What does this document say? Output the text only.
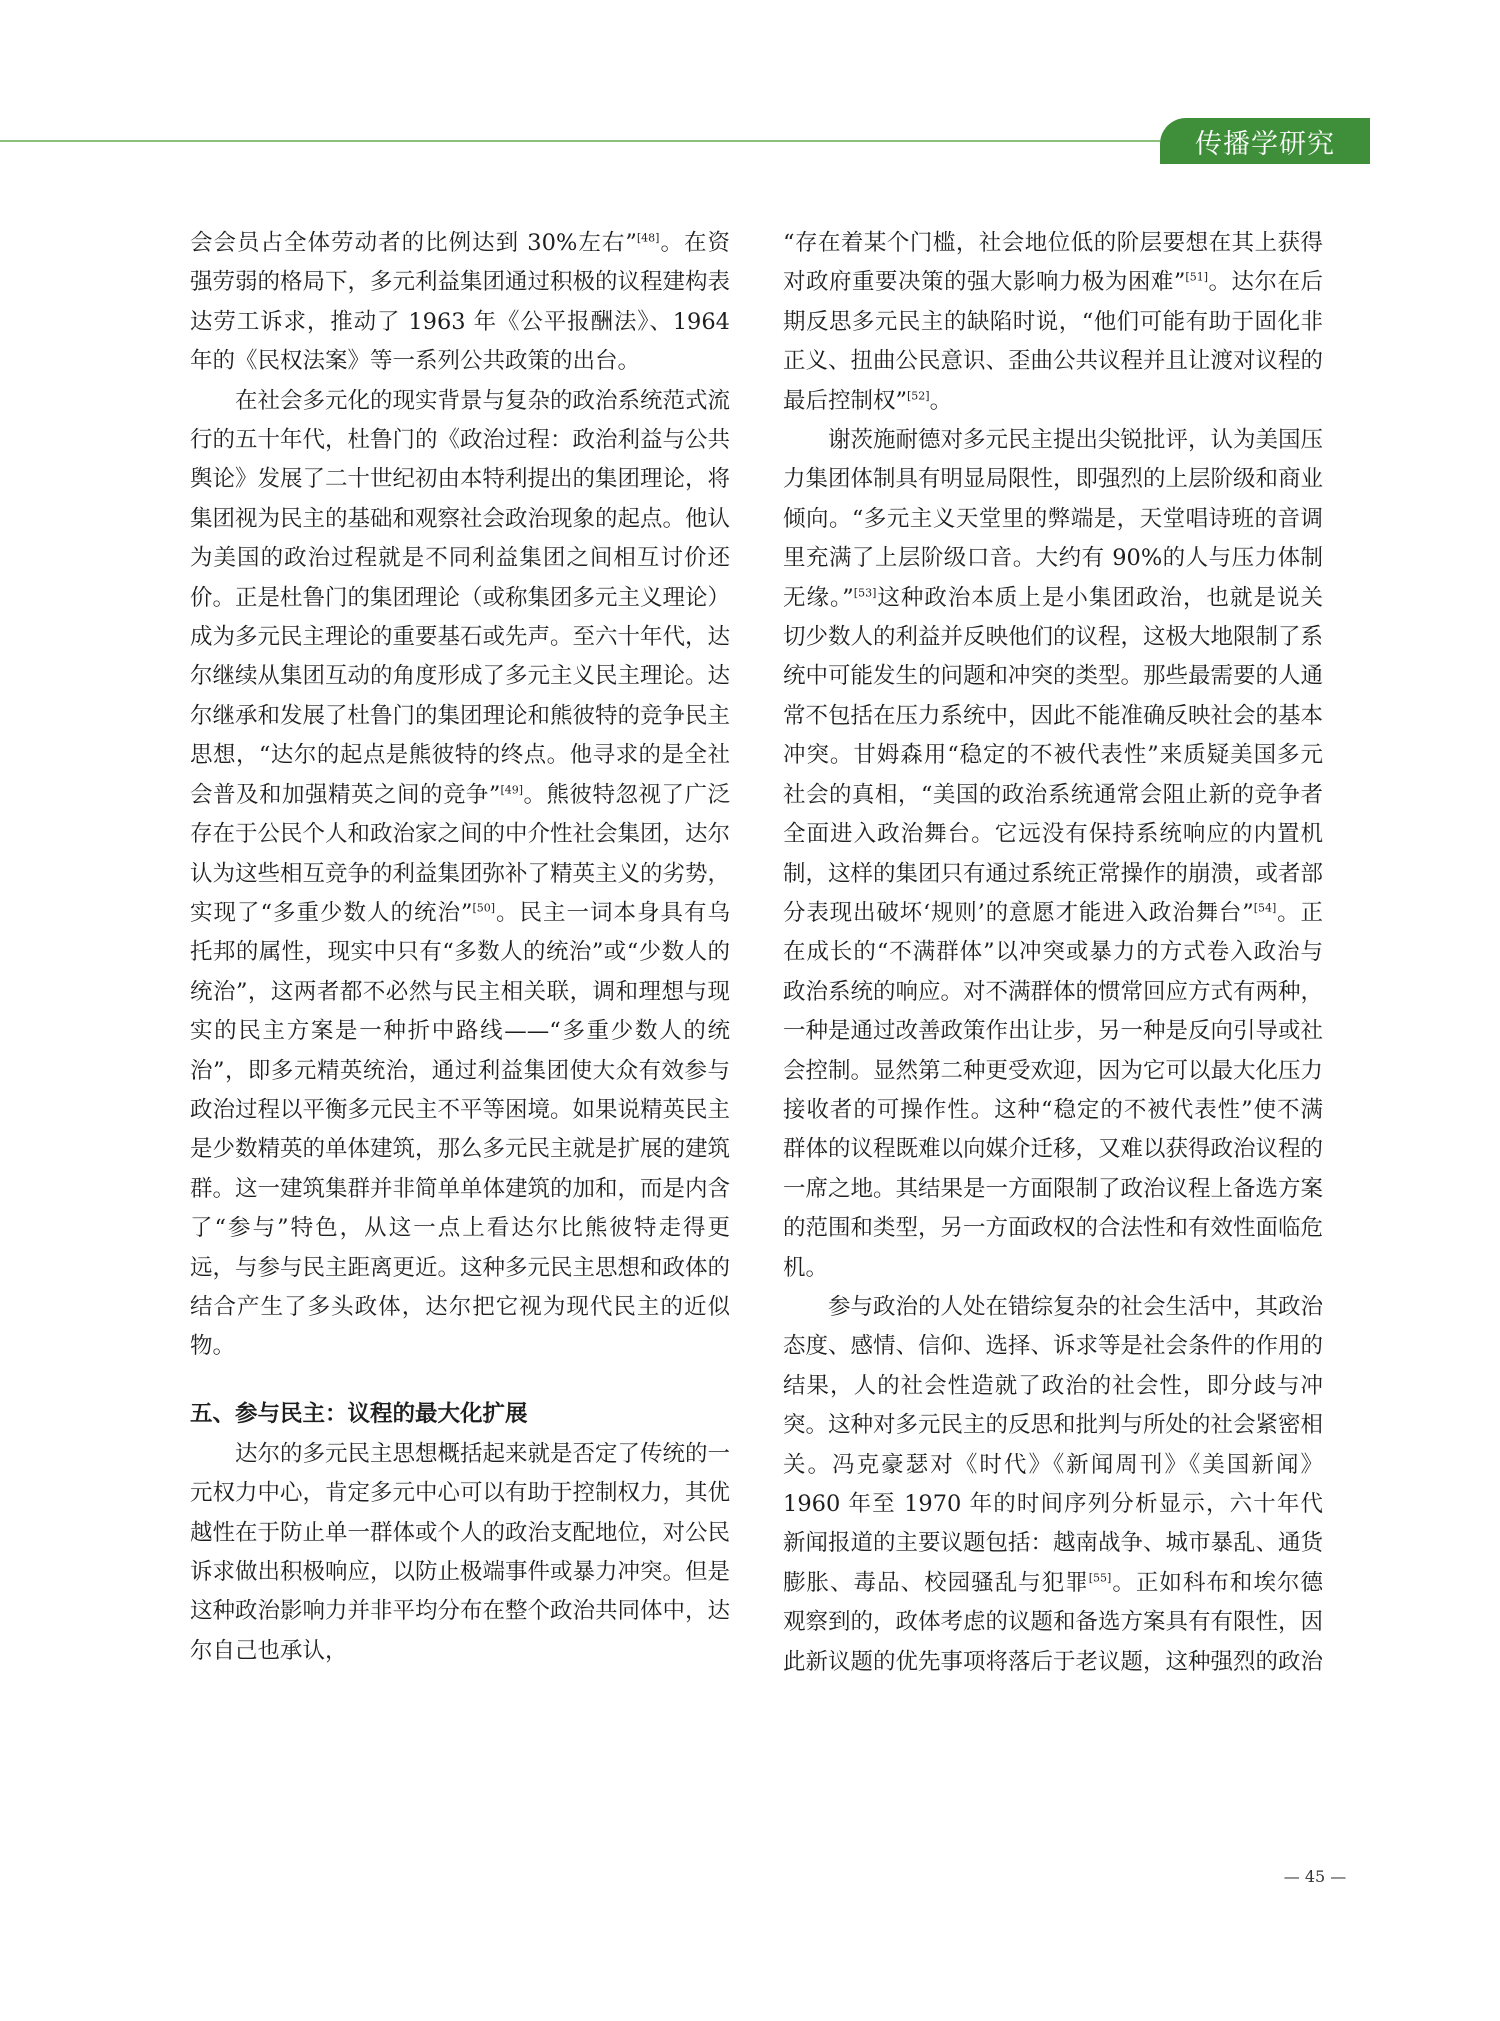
传播学研究

会会员占全体劳动者的比例达到 30%左右”[48]。在资强劳弱的格局下，多元利益集团通过积极的议程建构表达劳工诉求，推动了 1963 年《公平报酬法》、1964 年的《民权法案》等一系列公共政策的出台。

在社会多元化的现实背景与复杂的政治系统范式流行的五十年代，杜鲁门的《政治过程：政治利益与公共舆论》发展了二十世纪初由本特利提出的集团理论，将集团视为民主的基础和观察社会政治现象的起点。他认为美国的政治过程就是不同利益集团之间相互讨价还价。正是杜鲁门的集团理论（或称集团多元主义理论）成为多元民主理论的重要基石或先声。至六十年代，达尔继续从集团互动的角度形成了多元主义民主理论。达尔继承和发展了杜鲁门的集团理论和熊彼特的竞争民主思想，“达尔的起点是熊彼特的终点。他寻求的是全社会普及和加强精英之间的竞争”[49]。熊彼特忽视了广泛存在于公民个人和政治家之间的中介性社会集团，达尔认为这些相互竞争的利益集团弥补了精英主义的劣势，实现了“多重少数人的统治”[50]。民主一词本身具有乌托邦的属性，现实中只有“多数人的统治”或“少数人的统治”，这两者都不必然与民主相关联，调和理想与现实的民主方案是一种折中路线——“多重少数人的统治”，即多元精英统治，通过利益集团使大众有效参与政治过程以平衡多元民主不平等困境。如果说精英民主是少数精英的单体建筑，那么多元民主就是扩展的建筑群。这一建筑集群并非简单单体建筑的加和，而是内含了“参与”特色，从这一点上看达尔比熊彼特走得更远，与参与民主距离更近。这种多元民主思想和政体的结合产生了多头政体，达尔把它视为现代民主的近似物。

五、参与民主：议程的最大化扩展

达尔的多元民主思想概括起来就是否定了传统的一元权力中心，肯定多元中心可以有助于控制权力，其优越性在于防止单一群体或个人的政治支配地位，对公民诉求做出积极响应，以防止极端事件或暴力冲突。但是这种政治影响力并非平均分布在整个政治共同体中，达尔自己也承认，

“存在着某个门槛，社会地位低的阶层要想在其上获得对政府重要决策的强大影响力极为困难”[51]。达尔在后期反思多元民主的缺陷时说，“他们可能有助于固化非正义、扭曲公民意识、歪曲公共议程并且让渡对议程的最后控制权”[52]。

谢茨施耐德对多元民主提出尖锐批评，认为美国压力集团体制具有明显局限性，即强烈的上层阶级和商业倾向。“多元主义天堂里的弊端是，天堂唱诗班的音调里充满了上层阶级口音。大约有 90%的人与压力体制无缘。”[53]这种政治本质上是小集团政治，也就是说关切少数人的利益并反映他们的议程，这极大地限制了系统中可能发生的问题和冲突的类型。那些最需要的人通常不包括在压力系统中，因此不能准确反映社会的基本冲突。甘姆森用“稳定的不被代表性”来质疑美国多元社会的真相，“美国的政治系统通常会阻止新的竞争者全面进入政治舞台。它远没有保持系统响应的内置机制，这样的集团只有通过系统正常操作的崩溃，或者部分表现出破坏‘规则’的意愿才能进入政治舞台”[54]。正在成长的“不满群体”以冲突或暴力的方式卷入政治与政治系统的响应。对不满群体的惯常回应方式有两种，一种是通过改善政策作出让步，另一种是反向引导或社会控制。显然第二种更受欢迎，因为它可以最大化压力接收者的可操作性。这种“稳定的不被代表性”使不满群体的议程既难以向媒介迁移，又难以获得政治议程的一席之地。其结果是一方面限制了政治议程上备选方案的范围和类型，另一方面政权的合法性和有效性面临危机。

参与政治的人处在错综复杂的社会生活中，其政治态度、感情、信仰、选择、诉求等是社会条件的作用的结果，人的社会性造就了政治的社会性，即分歧与冲突。这种对多元民主的反思和批判与所处的社会紧密相关。冯克豪瑟对《时代》《新闻周刊》《美国新闻》1960 年至 1970 年的时间序列分析显示，六十年代新闻报道的主要议题包括：越南战争、城市暴乱、通货膨胀、毒品、校园骚乱与犯罪[55]。正如科布和埃尔德观察到的，政体考虑的议题和备选方案具有有限性，因此新议题的优先事项将落后于老议题，这种强烈的政治

— 45 —
